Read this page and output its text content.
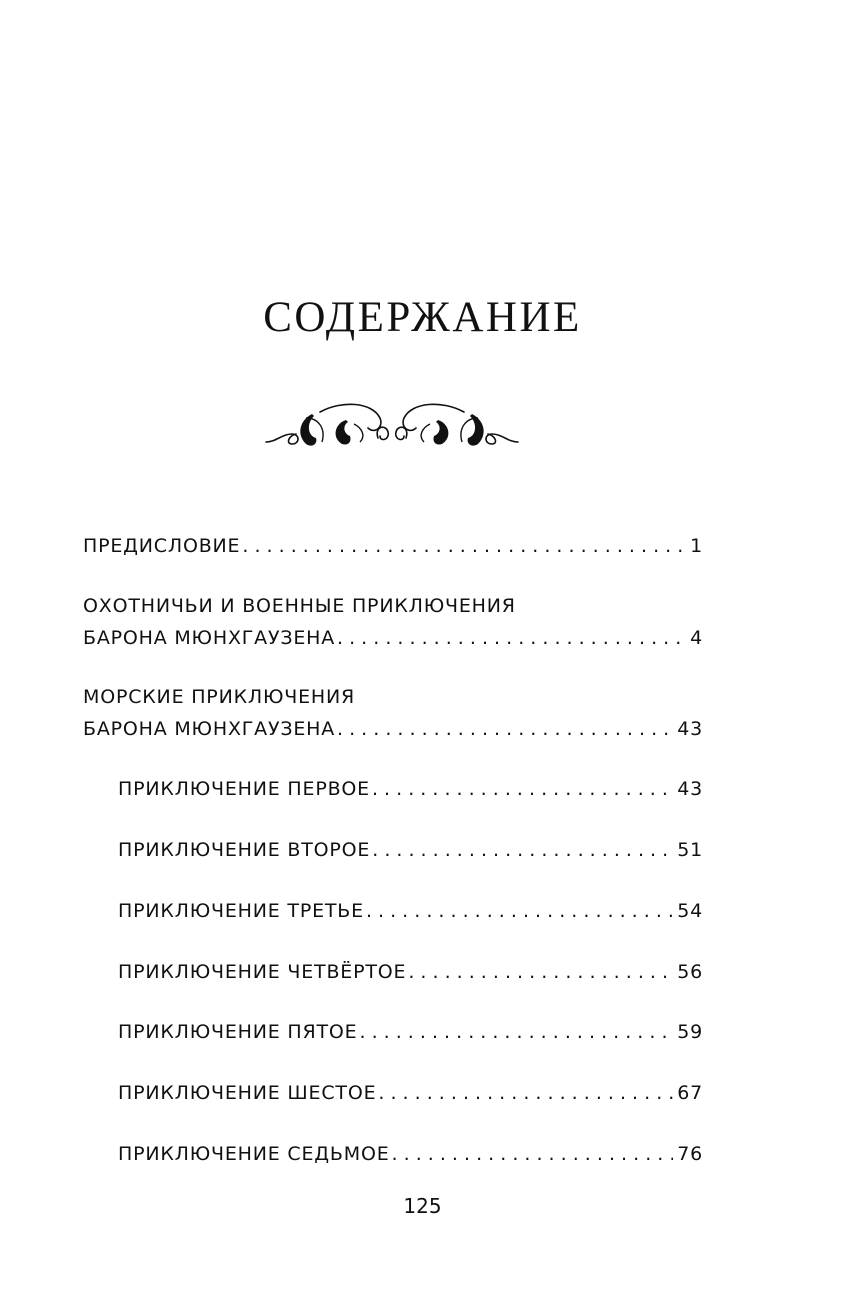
СОДЕРЖАНИЕ
ПРЕДИСЛОВИЕ . . .	1
ОХОТНИЧЬИ И ВОЕННЫЕ ПРИКЛЮЧЕНИЯ
БАРОНА МЮНХГАУЗЕНА . . .	4
МОРСКИЕ ПРИКЛЮЧЕНИЯ
БАРОНА МЮНХГАУЗЕНА . . .	43
ПРИКЛЮЧЕНИЕ ПЕРВОЕ . . .	43
ПРИКЛЮЧЕНИЕ ВТОРОЕ . . .	51
ПРИКЛЮЧЕНИЕ ТРЕТЬЕ . . .	54
ПРИКЛЮЧЕНИЕ ЧЕТВЁРТОЕ . . .	56
ПРИКЛЮЧЕНИЕ ПЯТОЕ . . .	59
ПРИКЛЮЧЕНИЕ ШЕСТОЕ . . .	67
ПРИКЛЮЧЕНИЕ СЕДЬМОЕ . . .	76
125
